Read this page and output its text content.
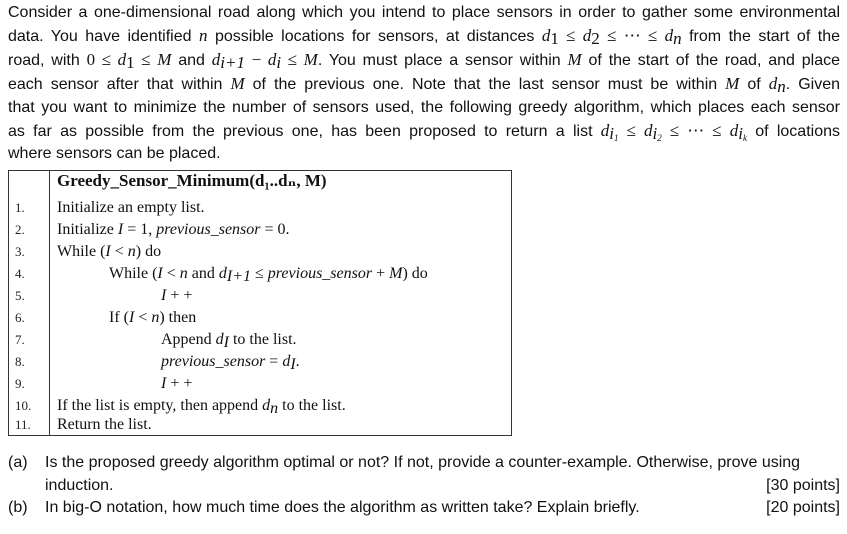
Consider a one-dimensional road along which you intend to place sensors in order to gather some environmental
data. You have identified n possible locations for sensors, at distances $d_1 \le d_2$ ≤ ⋯ ≤ $d_n$ from the start of the
road, with $0 \le d_1 \le M$ and $d_{i+1} - d_i \le M$. You must place a sensor within M of the start of the road, and place
each sensor after that within M of the previous one. Note that the last sensor must be within M of $d_n$. Given
that you want to minimize the number of sensors used, the following greedy algorithm, which places each sensor
as far as possible from the previous one, has been proposed to return a list $d_{i_1} \le d_{i_2}$ ≤ ⋯ ≤ $d_{i_k}$ of locations
where sensors can be placed.
Greedy_Sensor_Minimum(d₁..dₙ, M)
1.	Initialize an empty list.
2.	Initialize I = 1, previous_sensor = 0.
3.	While (I < n) do
4.	While (I < n and $d_{I+1}$ ≤ previous_sensor + M) do
5.	I + +
6.	If (I < n) then
7.	Append $d_I$ to the list.
8.	previous_sensor = $d_I$.
9.	I + +
10.	If the list is empty, then append $d_n$ to the list.
11.	Return the list.
(a) Is the proposed greedy algorithm optimal or not? If not, provide a counter-example. Otherwise, prove using
induction.	[30 points]
(b) In big-O notation, how much time does the algorithm as written take? Explain briefly.	[20 points]
